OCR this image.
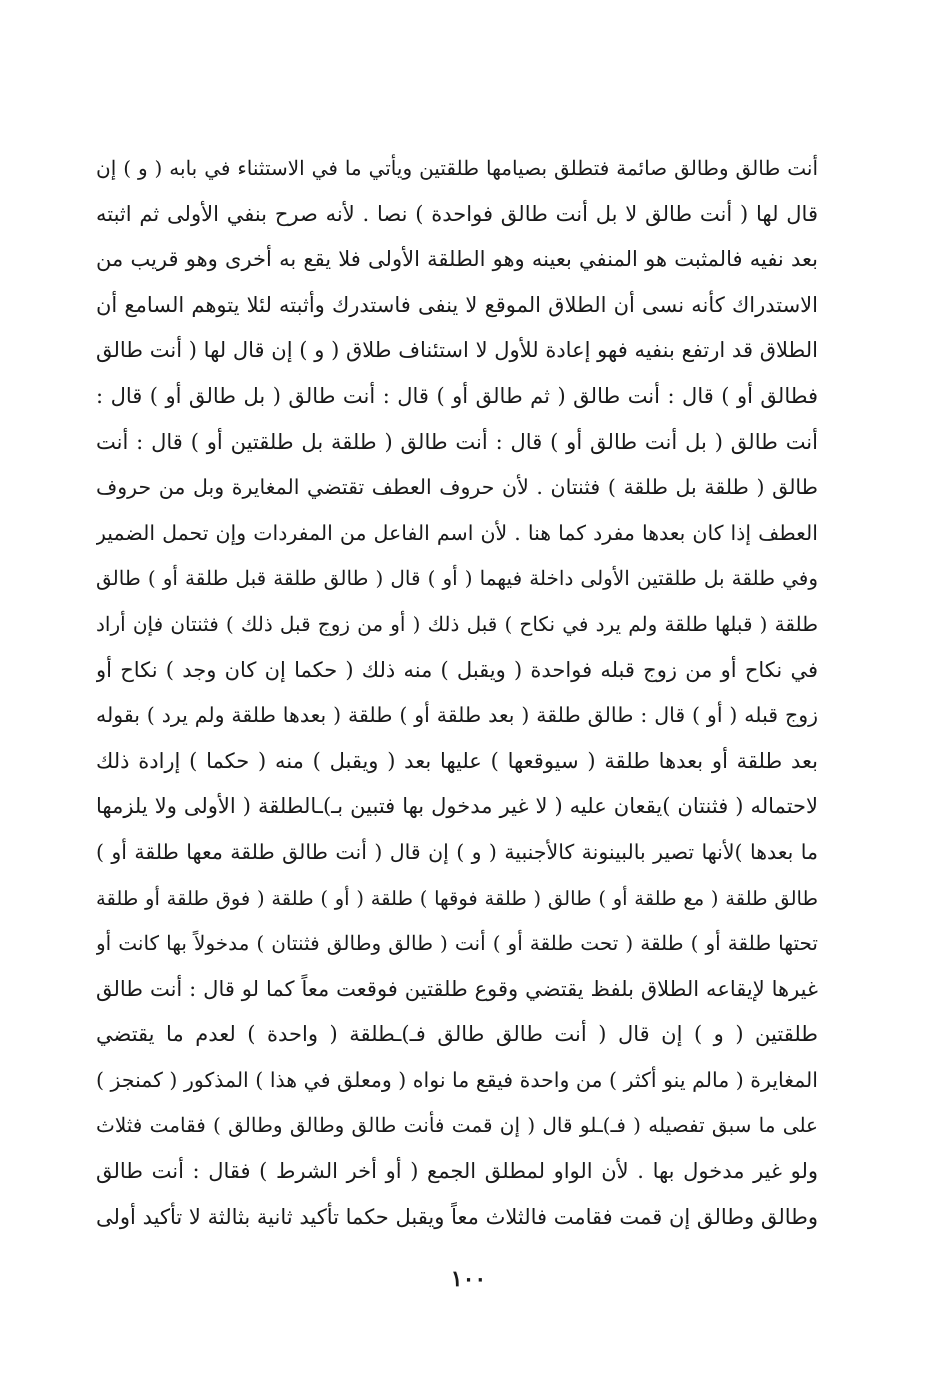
أنت طالق وطالق صائمة فتطلق بصيامها طلقتين ويأتي ما في الاستثناء في بابه ( و ) إن
قال لها ( أنت طالق لا بل أنت طالق فواحدة ) نصا . لأنه صرح بنفي الأولى ثم اثبته
بعد نفيه فالمثبت هو المنفي بعينه وهو الطلقة الأولى فلا يقع به أخرى وهو قريب من
الاستدراك كأنه نسى أن الطلاق الموقع لا ينفى فاستدرك وأثبته لئلا يتوهم السامع أن
الطلاق قد ارتفع بنفيه فهو إعادة للأول لا استئناف طلاق ( و ) إن قال لها ( أنت طالق
فطالق أو ) قال : أنت طالق ( ثم طالق أو ) قال : أنت طالق ( بل طالق أو ) قال :
أنت طالق ( بل أنت طالق أو ) قال : أنت طالق ( طلقة بل طلقتين أو ) قال : أنت
طالق ( طلقة بل طلقة ) فثنتان . لأن حروف العطف تقتضي المغايرة وبل من حروف
العطف إذا كان بعدها مفرد كما هنا . لأن اسم الفاعل من المفردات وإن تحمل الضمير
وفي طلقة بل طلقتين الأولى داخلة فيهما ( أو ) قال ( طالق طلقة قبل طلقة أو ) طالق
طلقة ( قبلها طلقة ولم يرد في نكاح ) قبل ذلك ( أو من زوج قبل ذلك ) فثنتان فإن أراد
في نكاح أو من زوج قبله فواحدة ( ويقبل ) منه ذلك ( حكما إن كان وجد ) نكاح أو
زوج قبله ( أو ) قال : طالق طلقة ( بعد طلقة أو ) طلقة ( بعدها طلقة ولم يرد ) بقوله
بعد طلقة أو بعدها طلقة ( سيوقعها ) عليها بعد ( ويقبل ) منه ( حكما ) إرادة ذلك
لاحتماله ( فثنتان )يقعان عليه ( لا غير مدخول بها فتبين بـ)ـالطلقة ( الأولى ولا يلزمها
ما بعدها )لأنها تصير بالبينونة كالأجنبية ( و ) إن قال ( أنت طالق طلقة معها طلقة أو )
طالق طلقة ( مع طلقة أو ) طالق ( طلقة فوقها ) طلقة ( أو ) طلقة ( فوق طلقة أو طلقة
تحتها طلقة أو ) طلقة ( تحت طلقة أو ) أنت ( طالق وطالق فثنتان ) مدخولاً بها كانت أو
غيرها لإيقاعه الطلاق بلفظ يقتضي وقوع طلقتين فوقعت معاً كما لو قال : أنت طالق
طلقتين ( و ) إن قال ( أنت طالق طالق فـ)ـطلقة ( واحدة ) لعدم ما يقتضي
المغايرة ( مالم ينو أكثر ) من واحدة فيقع ما نواه ( ومعلق في هذا ) المذكور ( كمنجز )
على ما سبق تفصيله ( فـ)ـلو قال ( إن قمت فأنت طالق وطالق وطالق ) فقامت فثلاث
ولو غير مدخول بها . لأن الواو لمطلق الجمع ( أو أخر الشرط ) فقال : أنت طالق
وطالق وطالق إن قمت فقامت فالثلاث معاً ويقبل حكما تأكيد ثانية بثالثة لا تأكيد أولى
١٠٠
